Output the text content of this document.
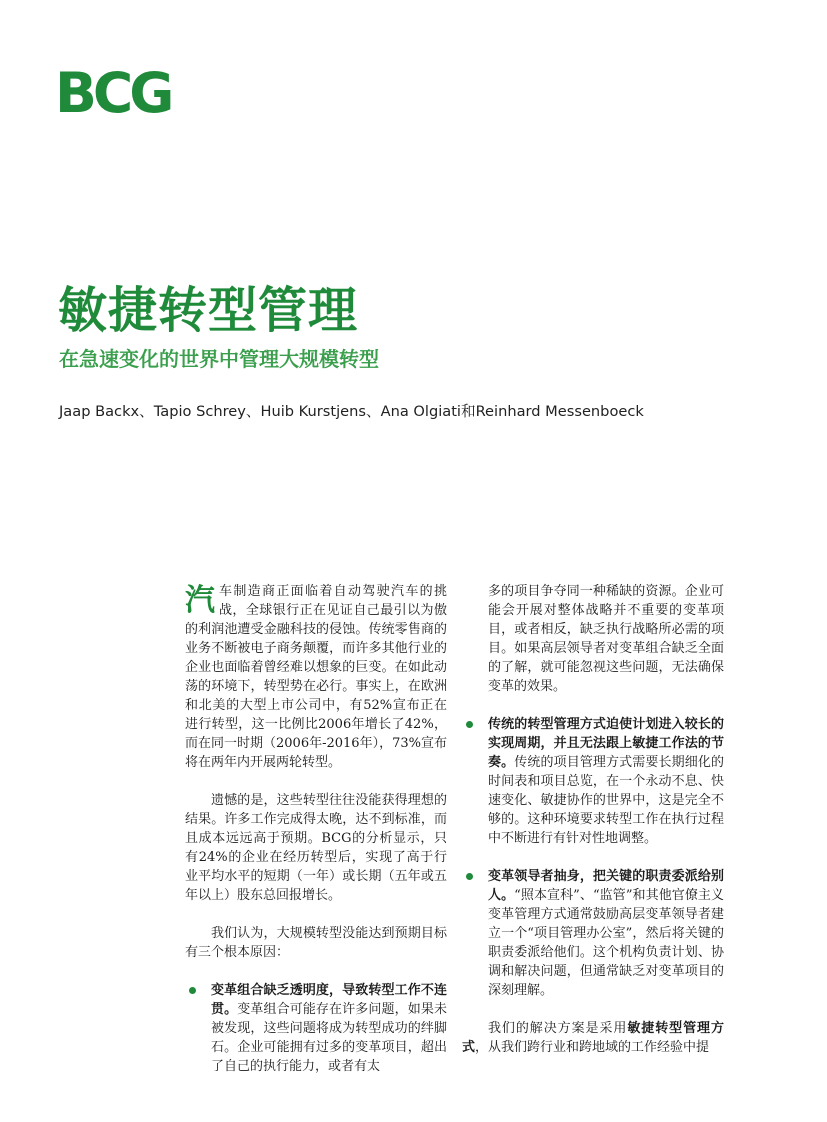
BCG
敏捷转型管理
在急速变化的世界中管理大规模转型

Jaap Backx、Tapio Schrey、Huib Kurstjens、Ana Olgiati和Reinhard Messenboeck

汽车制造商正面临着自动驾驶汽车的挑战，全球银行正在见证自己最引以为傲的利润池遭受金融科技的侵蚀。传统零售商的业务不断被电子商务颠覆，而许多其他行业的企业也面临着曾经难以想象的巨变。在如此动荡的环境下，转型势在必行。事实上，在欧洲和北美的大型上市公司中，有52%宣布正在进行转型，这一比例比2006年增长了42%，而在同一时期（2006年-2016年），73%宣布将在两年内开展两轮转型。

遗憾的是，这些转型往往没能获得理想的结果。许多工作完成得太晚，达不到标准，而且成本远远高于预期。BCG的分析显示，只有24%的企业在经历转型后，实现了高于行业平均水平的短期（一年）或长期（五年或五年以上）股东总回报增长。

我们认为，大规模转型没能达到预期目标有三个根本原因：

变革组合缺乏透明度，导致转型工作不连贯。变革组合可能存在许多问题，如果未被发现，这些问题将成为转型成功的绊脚石。企业可能拥有过多的变革项目，超出了自己的执行能力，或者有太

多的项目争夺同一种稀缺的资源。企业可能会开展对整体战略并不重要的变革项目，或者相反，缺乏执行战略所必需的项目。如果高层领导者对变革组合缺乏全面的了解，就可能忽视这些问题，无法确保变革的效果。

传统的转型管理方式迫使计划进入较长的实现周期，并且无法跟上敏捷工作法的节奏。传统的项目管理方式需要长期细化的时间表和项目总览，在一个永动不息、快速变化、敏捷协作的世界中，这是完全不够的。这种环境要求转型工作在执行过程中不断进行有针对性地调整。

变革领导者抽身，把关键的职责委派给别人。“照本宣科”、“监管”和其他官僚主义变革管理方式通常鼓励高层变革领导者建立一个“项目管理办公室”，然后将关键的职责委派给他们。这个机构负责计划、协调和解决问题，但通常缺乏对变革项目的深刻理解。

我们的解决方案是采用敏捷转型管理方式，从我们跨行业和跨地域的工作经验中提
